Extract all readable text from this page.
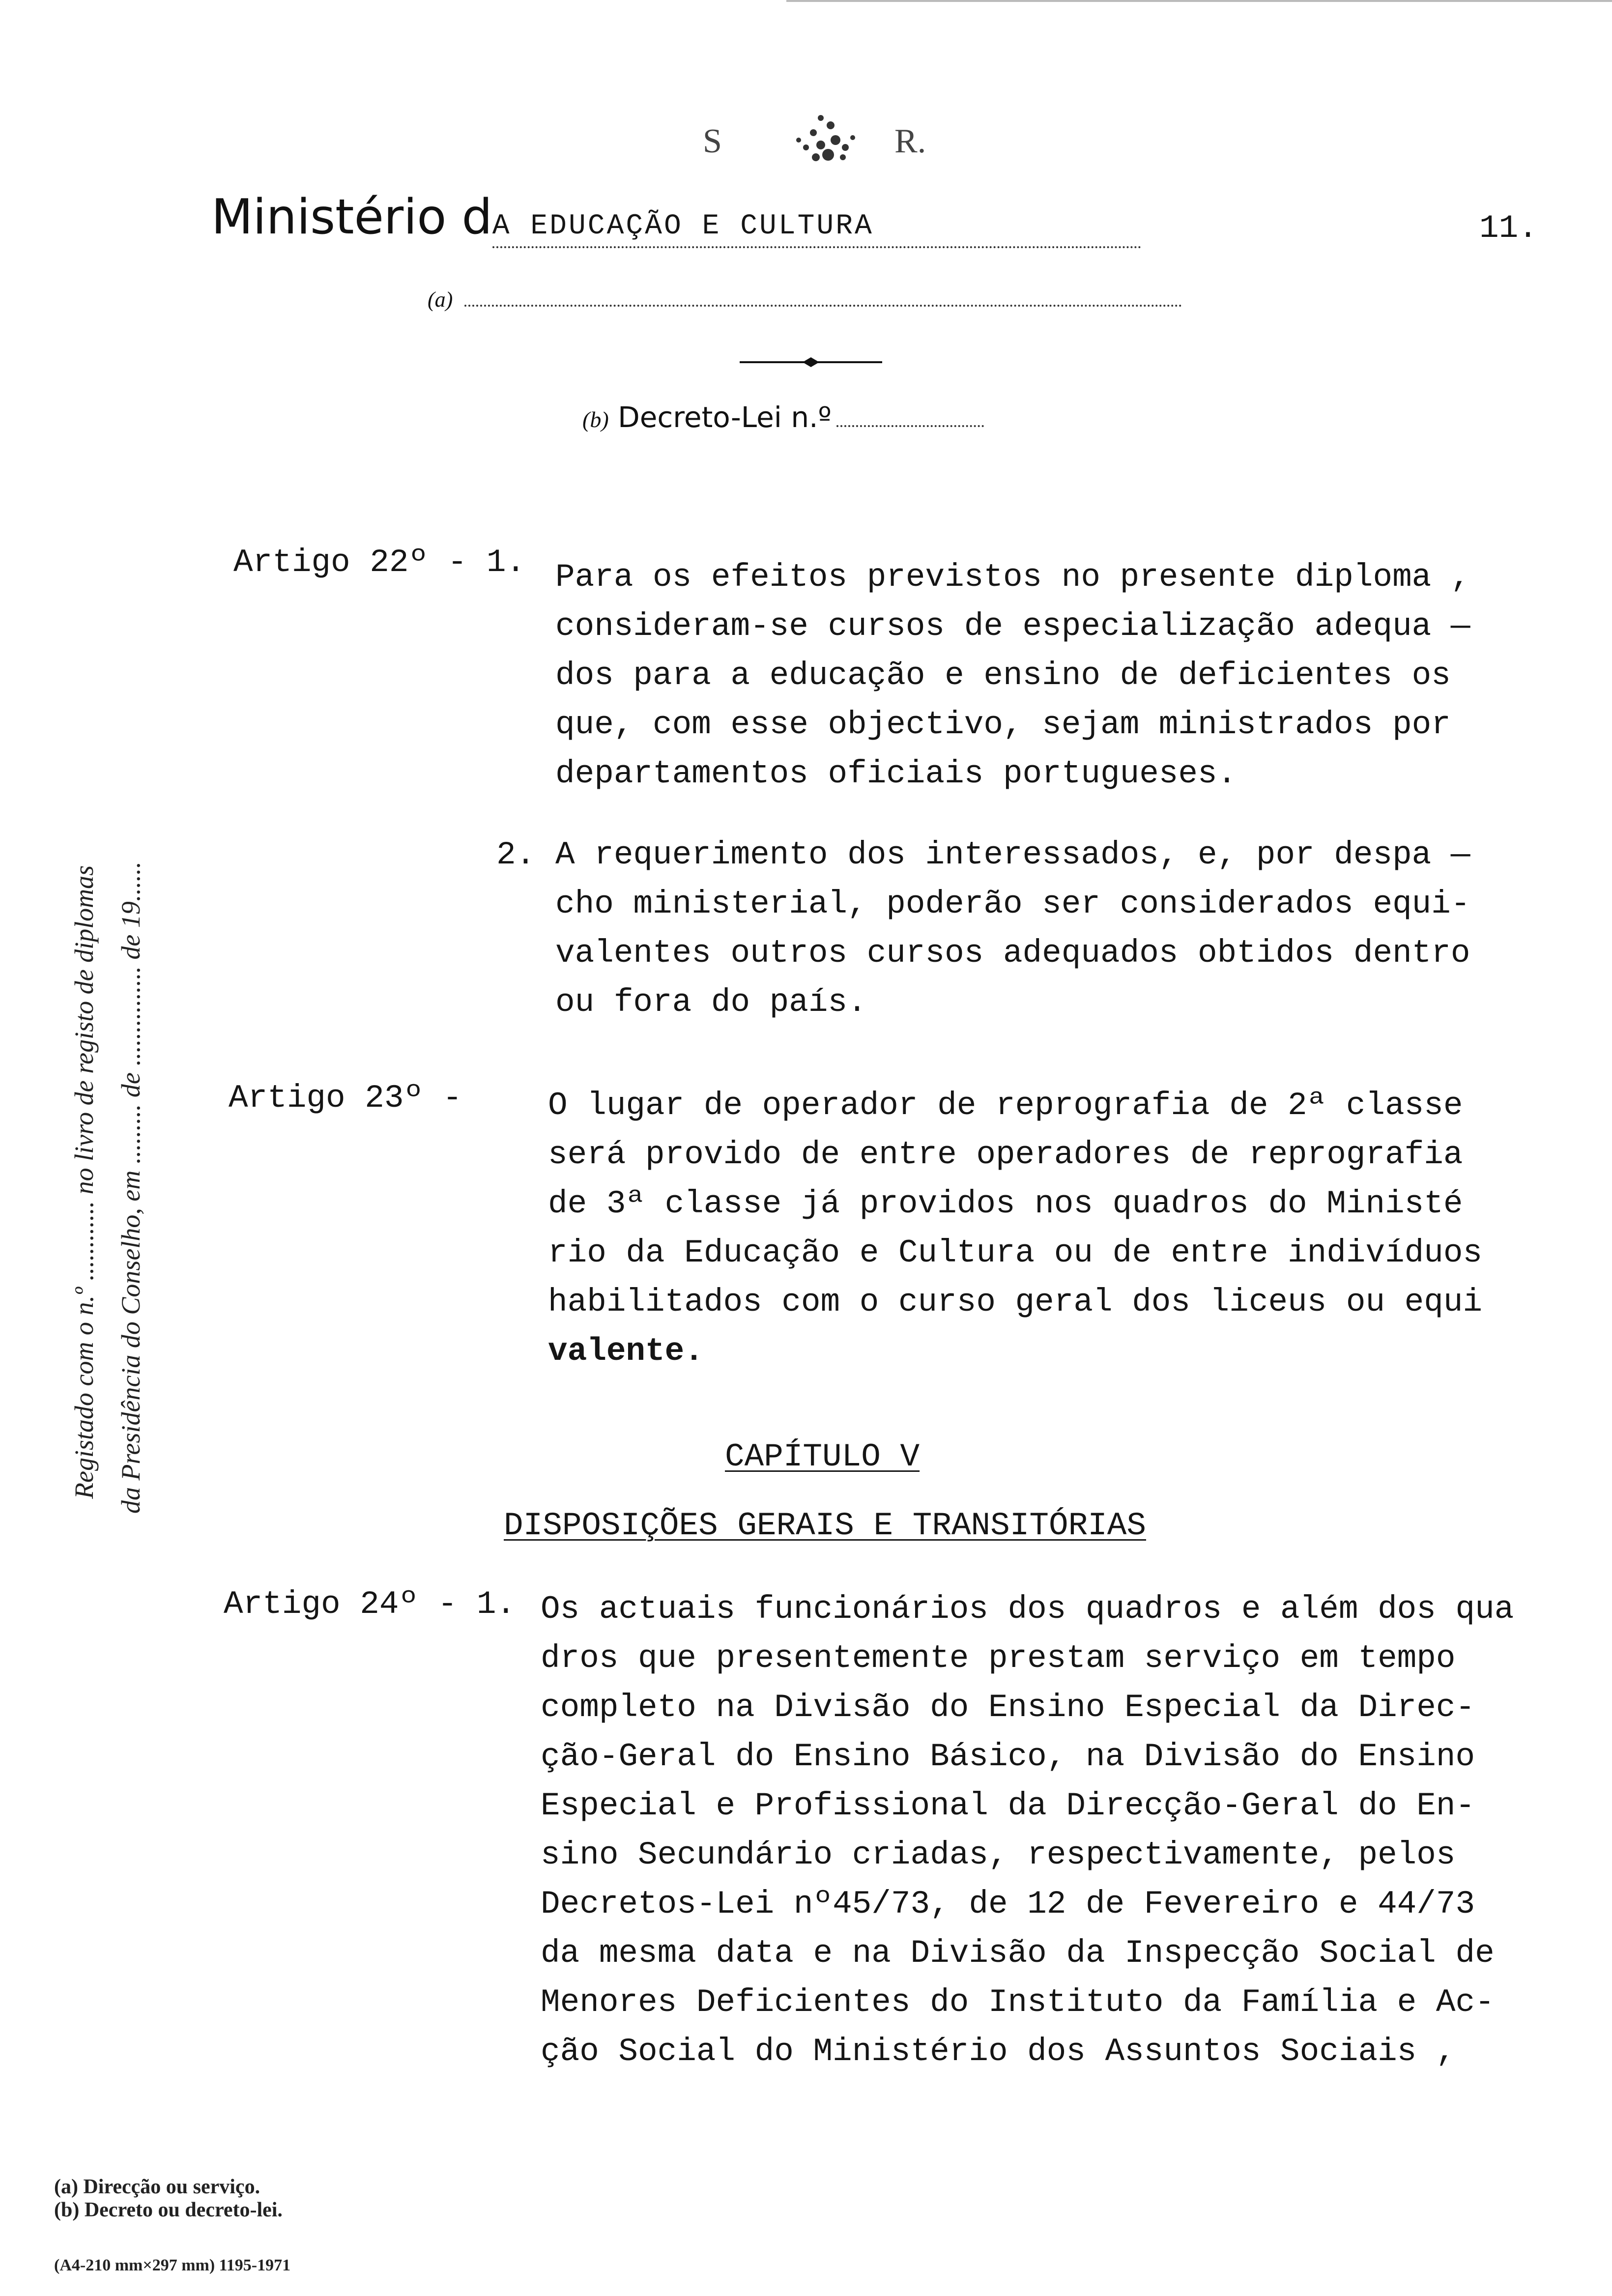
S	R.
Ministério dA EDUCAÇÃO E CULTURA	11.
(a)
(b) Decreto-Lei n.º
Registado com o n.º ............ no livro de registo de diplomas da Presidência do Conselho, em ......... de ............... de 19......
Artigo 22º - 1. Para os efeitos previstos no presente diploma ,
consideram-se cursos de especialização adequa —
dos para a educação e ensino de deficientes os
que, com esse objectivo, sejam ministrados por
departamentos oficiais portugueses.
2. A requerimento dos interessados, e, por despa —
cho ministerial, poderão ser considerados equi-
valentes outros cursos adequados obtidos dentro
ou fora do país.
Artigo 23º -	O lugar de operador de reprografia de 2ª classe
será provido de entre operadores de reprografia
de 3ª classe já providos nos quadros do Ministé
rio da Educação e Cultura ou de entre indivíduos
habilitados com o curso geral dos liceus ou equi
valente.
CAPÍTULO V
DISPOSIÇÕES GERAIS E TRANSITÓRIAS
Artigo 24º - 1. Os actuais funcionários dos quadros e além dos qua
dros que presentemente prestam serviço em tempo
completo na Divisão do Ensino Especial da Direc-
ção-Geral do Ensino Básico, na Divisão do Ensino
Especial e Profissional da Direcção-Geral do En-
sino Secundário criadas, respectivamente, pelos
Decretos-Lei nº45/73, de 12 de Fevereiro e 44/73
da mesma data e na Divisão da Inspecção Social de
Menores Deficientes do Instituto da Família e Ac-
ção Social do Ministério dos Assuntos Sociais ,
(a) Direcção ou serviço.
(b) Decreto ou decreto-lei.
(A4-210 mm×297 mm) 1195-1971
